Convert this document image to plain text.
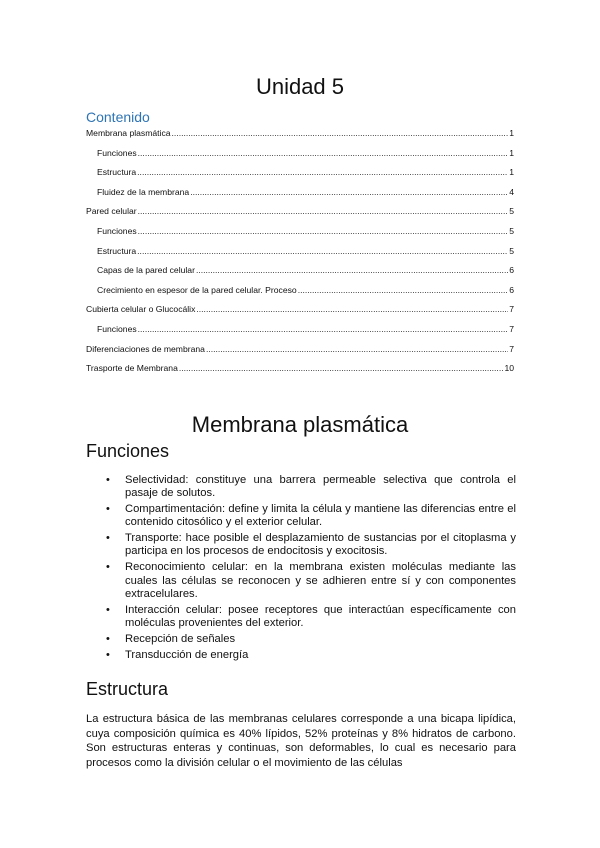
Unidad 5
Contenido
Membrana plasmática .....	1
Funciones .....	1
Estructura .....	1
Fluidez de la membrana .....	4
Pared celular .....	5
Funciones .....	5
Estructura .....	5
Capas de la pared celular .....	6
Crecimiento en espesor de la pared celular. Proceso .....	6
Cubierta celular o Glucocálix .....	7
Funciones .....	7
Diferenciaciones de membrana .....	7
Trasporte de Membrana .....	10
Membrana plasmática
Funciones
• Selectividad: constituye una barrera permeable selectiva que controla el pasaje de solutos.
• Compartimentación: define y limita la célula y mantiene las diferencias entre el contenido citosólico y el exterior celular.
• Transporte: hace posible el desplazamiento de sustancias por el citoplasma y participa en los procesos de endocitosis y exocitosis.
• Reconocimiento celular: en la membrana existen moléculas mediante las cuales las células se reconocen y se adhieren entre sí y con componentes extracelulares.
• Interacción celular: posee receptores que interactúan específicamente con moléculas provenientes del exterior.
• Recepción de señales
• Transducción de energía
Estructura

La estructura básica de las membranas celulares corresponde a una bicapa lipídica, cuya composición química es 40% lípidos, 52% proteínas y 8% hidratos de carbono. Son estructuras enteras y continuas, son deformables, lo cual es necesario para procesos como la división celular o el movimiento de las células
